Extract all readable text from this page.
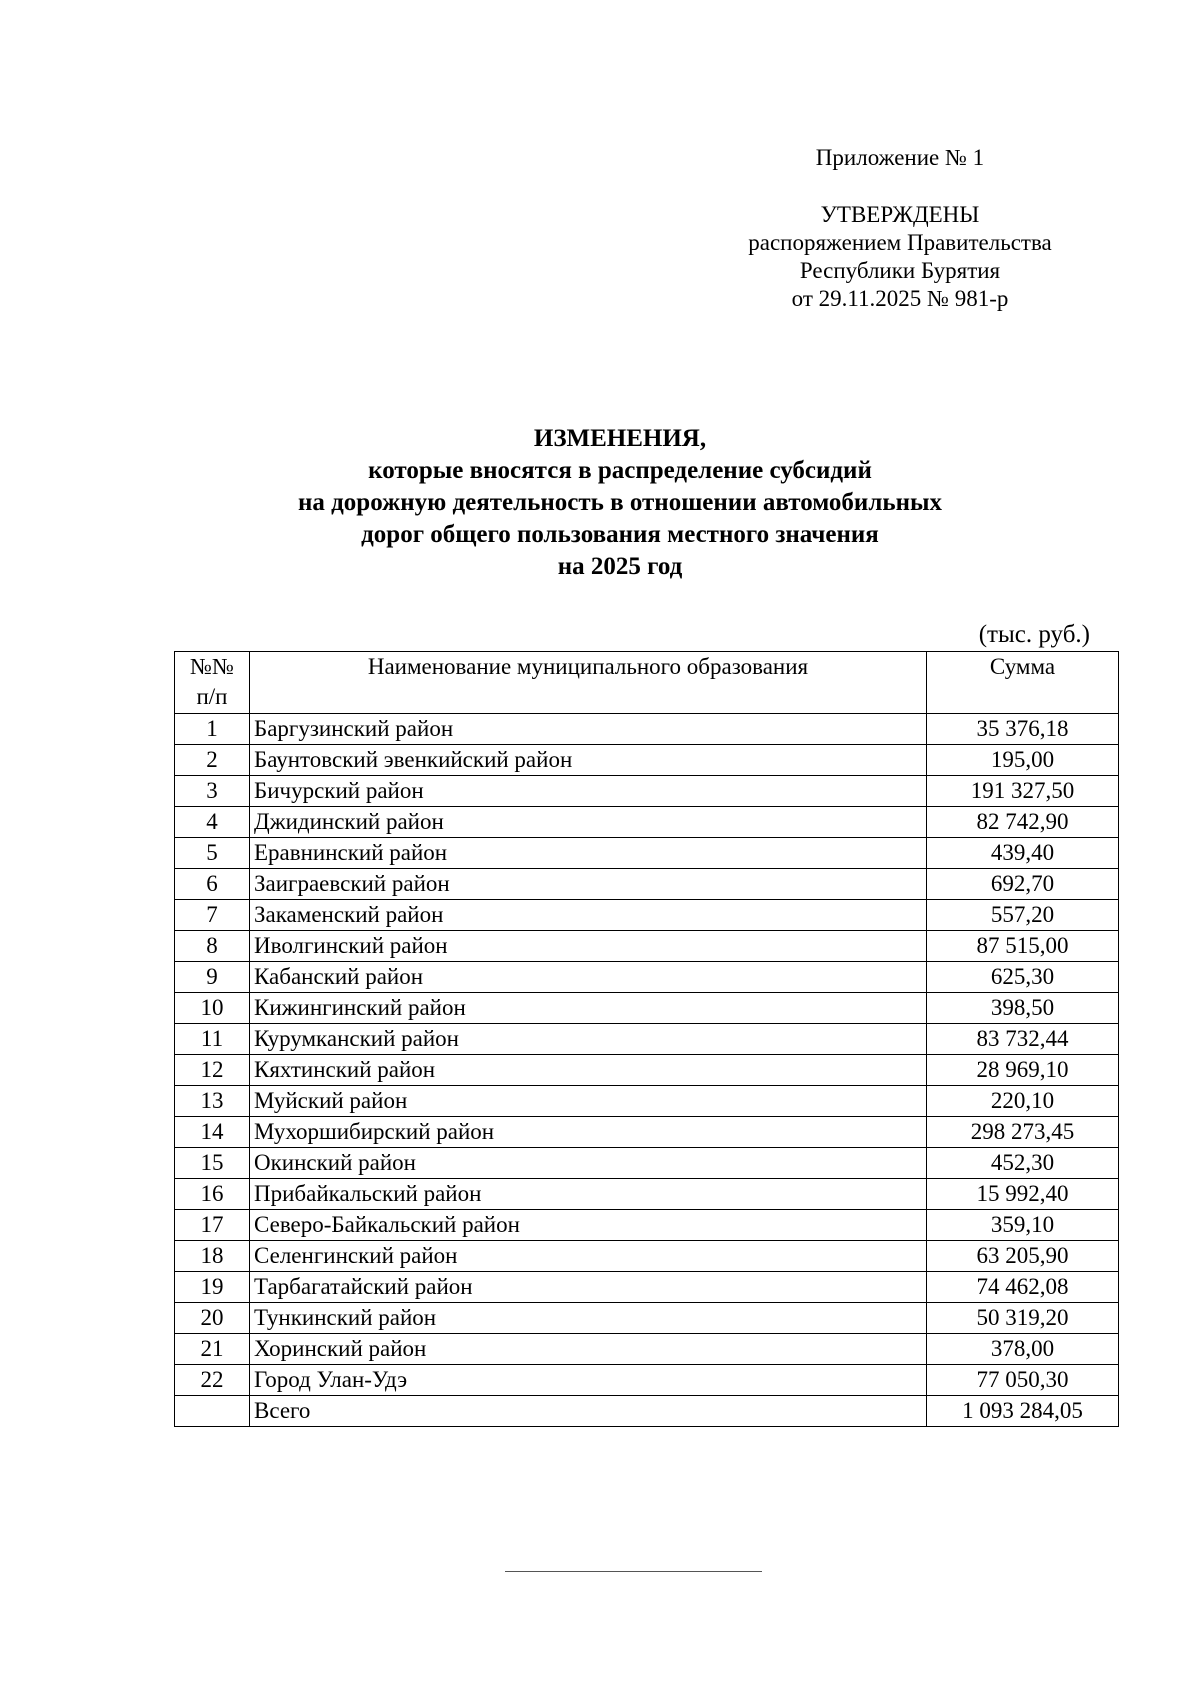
Приложение № 1
УТВЕРЖДЕНЫ
распоряжением Правительства
Республики Бурятия
от 29.11.2025 № 981-р
ИЗМЕНЕНИЯ,
которые вносятся в распределение субсидий
на дорожную деятельность в отношении автомобильных
дорог общего пользования местного значения
на 2025 год
(тыс. руб.)
№№
п/п	Наименование муниципального образования	Сумма
1	Баргузинский район	35 376,18
2	Баунтовский эвенкийский район	195,00
3	Бичурский район	191 327,50
4	Джидинский район	82 742,90
5	Еравнинский район	439,40
6	Заиграевский район	692,70
7	Закаменский район	557,20
8	Иволгинский район	87 515,00
9	Кабанский район	625,30
10	Кижингинский район	398,50
11	Курумканский район	83 732,44
12	Кяхтинский район	28 969,10
13	Муйский район	220,10
14	Мухоршибирский район	298 273,45
15	Окинский район	452,30
16	Прибайкальский район	15 992,40
17	Северо-Байкальский район	359,10
18	Селенгинский район	63 205,90
19	Тарбагатайский район	74 462,08
20	Тункинский район	50 319,20
21	Хоринский район	378,00
22	Город Улан-Удэ	77 050,30
	Всего	1 093 284,05
